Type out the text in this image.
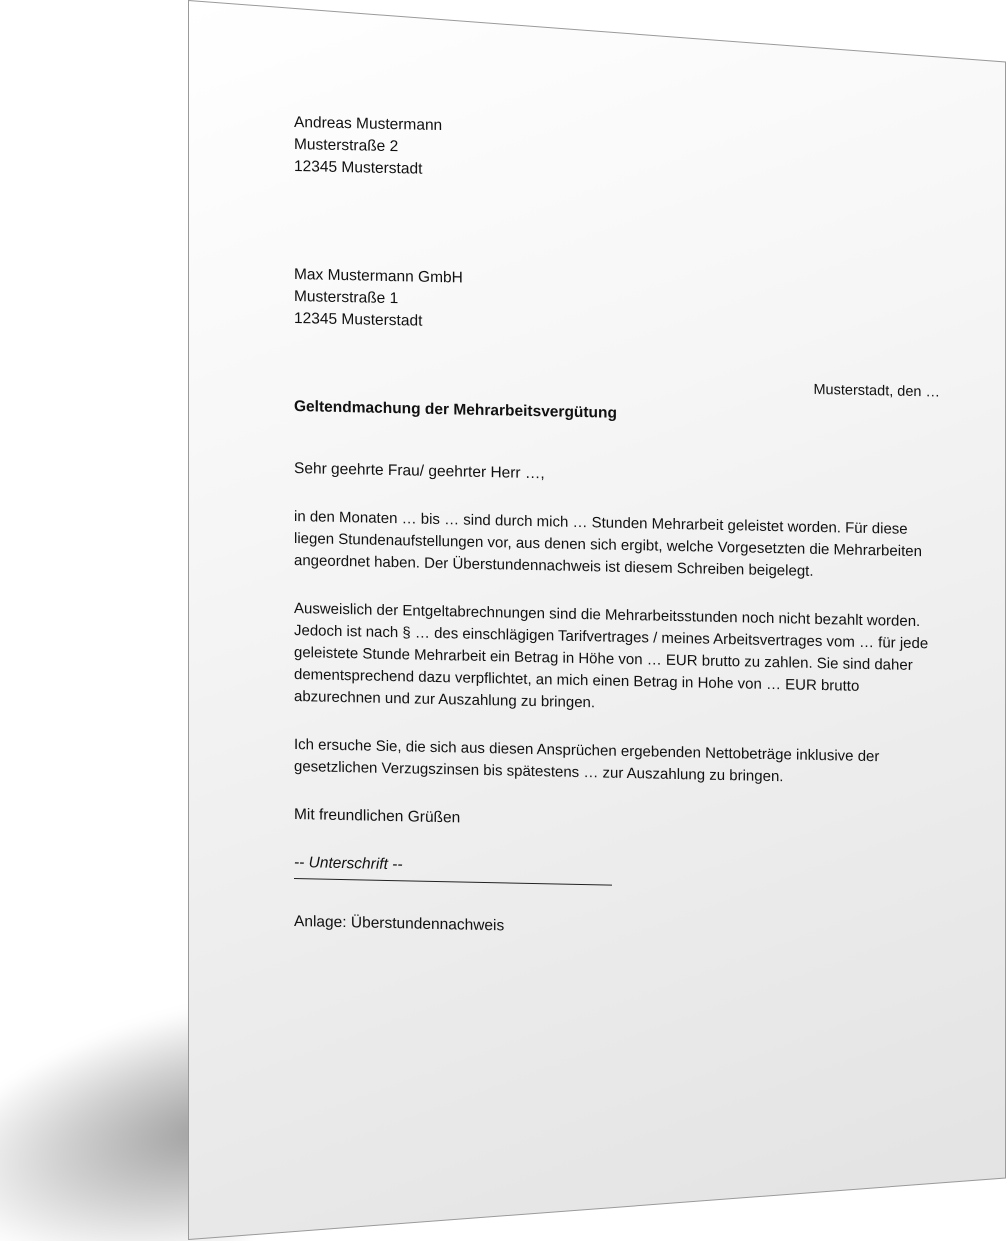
Andreas Mustermann
Musterstraße 2
12345 Musterstadt
Max Mustermann GmbH
Musterstraße 1
12345 Musterstadt
Musterstadt, den …
Geltendmachung der Mehrarbeitsvergütung
Sehr geehrte Frau/ geehrter Herr …,
in den Monaten … bis … sind durch mich … Stunden Mehrarbeit geleistet worden. Für diese
liegen Stundenaufstellungen vor, aus denen sich ergibt, welche Vorgesetzten die Mehrarbeiten
angeordnet haben. Der Überstundennachweis ist diesem Schreiben beigelegt.
Ausweislich der Entgeltabrechnungen sind die Mehrarbeitsstunden noch nicht bezahlt worden.
Jedoch ist nach § … des einschlägigen Tarifvertrages / meines Arbeitsvertrages vom … für jede
geleistete Stunde Mehrarbeit ein Betrag in Höhe von … EUR brutto zu zahlen. Sie sind daher
dementsprechend dazu verpflichtet, an mich einen Betrag in Hohe von … EUR brutto
abzurechnen und zur Auszahlung zu bringen.
Ich ersuche Sie, die sich aus diesen Ansprüchen ergebenden Nettobeträge inklusive der
gesetzlichen Verzugszinsen bis spätestens … zur Auszahlung zu bringen.
Mit freundlichen Grüßen
-- Unterschrift --
Anlage: Überstundennachweis
